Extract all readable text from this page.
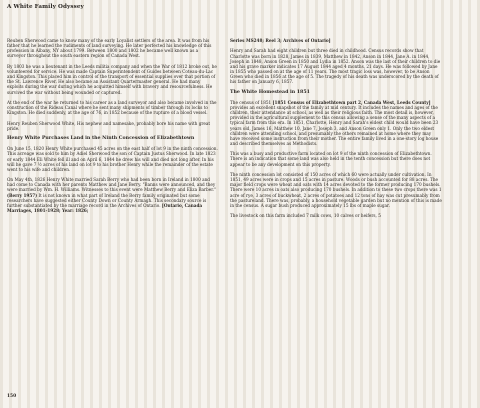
A White Family Odyssey

Reuben Sherwood came to know many of the early Loyalist settlers of the area. It was from his father that he learned the rudiments of land surveying. He later perfected his knowledge of this profession in Albany, NY about 1799. Between 1800 and 1802 he became well known as a surveyor throughout the south eastern region of Canada West.

By 1803 he was a lieutenant in the Leeds militia company and when the War of 1812 broke out, he volunteered for service. He was made Captain Superintendent of Guides between Coteau-du-Lac and Kingston. This placed him in control of the transport of essential supplies over that portion of the St. Lawrence River. He also became an Assistant Quartermaster general. He had many exploits during the war during which he acquitted himself with bravery and resourcefulness. He survived the war without being wounded or captured.

At the end of the war he returned to his career as a land surveyor and also became involved in the construction of the Rideau Canal where he sent many shipments of timber through its locks to Kingston. He died suddenly, at the age of 76, in 1852 because of the rupture of a blood vessel.

Henry Reuben Sherwood White, His nephew and namesake, probably bore his name with great pride.

Henry White Purchases Land in the Ninth Concession of Elizabethtown

On June 15, 1820 Henry White purchased 45 acres on the east half of lot 9 in the ninth concession. This acreage was sold to him by Adiel Sherwood the son of Captain Justus Sherwood. In late 1823 or early 1844 Eli White fell ill and on April 6, 1844 he drew his will and died not long after. In his will he gave 7 ½ acres of his land on lot 9 to his brother Henry while the remainder of the estate went to his wife and children.

On May 4th, 1826 Henry White married Sarah Berry who had been born in Ireland in 1800 and had come to Canada with her parents Matthew and Jane Berry. "Banns were announced, and they were married by Wm. H. Williams. Witnesses to this event were Matthew Berry and Eliza Barber." (Berry 1957) It is not known in what part of Ireland the Berry family originated but some researchers have suggested either County Down or County Armagh. This secondary source is further substantiated by the marriage record in the Archives of Ontario. [Ontario, Canada Marriages, 1801-1928; Year: 1826;

Series MS248; Reel 3; Archives of Ontario]

Henry and Sarah had eight children but three died in childhood. Census records show that Charlotte was born in 1828, James in 1839, Matthew in 1842, Anson in 1844, Jane A. in 1844, Joseph in 1848, Anson Green in 1850 and Lydia in 1852. Anson was the last of their children to die and his grave marker indicates 17 August 1844 aged 4 months, 21 days. He was followed by Jane in 1855 who passed on at the age of 11 years. The most tragic loss was, however, to be Anson Green who died in 1856 at the age of 5. The tragedy of his death was underscored by the death of his father on January 6, 1857.

The White Homestead in 1851

The census of 1851 [1851 Census of Elizabethtown part 2, Canada West, Leeds County] provides an excellent snapshot of the family at mid century. It includes the names and ages of the children, their attendance at school, as well as their religious faith. The most detail is, however, provided in the agricultural supplement to this census allowing a sense of the many aspects of a typical farm from this era. In 1851, Charlotte, Henry and Sarah's eldest child would have been 23 years old, James 16, Matthew 10, Jane 7, Joseph 3, and Anson Green only 1. Only the two eldest children were attending school, and presumably the others remained at home where they may have received some instruction from their mother. The entire family lived in a one-story log house and described themselves as Methodists.

This was a busy and productive farm located on lot 9 of the ninth concession of Elizabethtown. There is an indication that some land was also held in the tenth concession but there does not appear to be any development on this property.

The ninth concession lot consisted of 150 acres of which 60 were actually under cultivation. In 1851, 49 acres were in crops and 15 acres in pasture. Woods or bush accounted for 88 acres. The major field crops were wheat and oats with 14 acres devoted to the former producing 170 bushels. There were 10 acres in oats also producing 170 bushels. In addition to these two crops there was 1 acre of rye, 3 acres of buckwheat, 2 acres of potatoes and 12 tons of hay was cut presumably from the pastureland. There was, probably, a household vegetable garden but no mention of this is made in the census. A sugar bush produced approximately 15 lbs of maple sugar.

The livestock on this farm included 7 milk cows, 10 calves or heifers, 5

150
